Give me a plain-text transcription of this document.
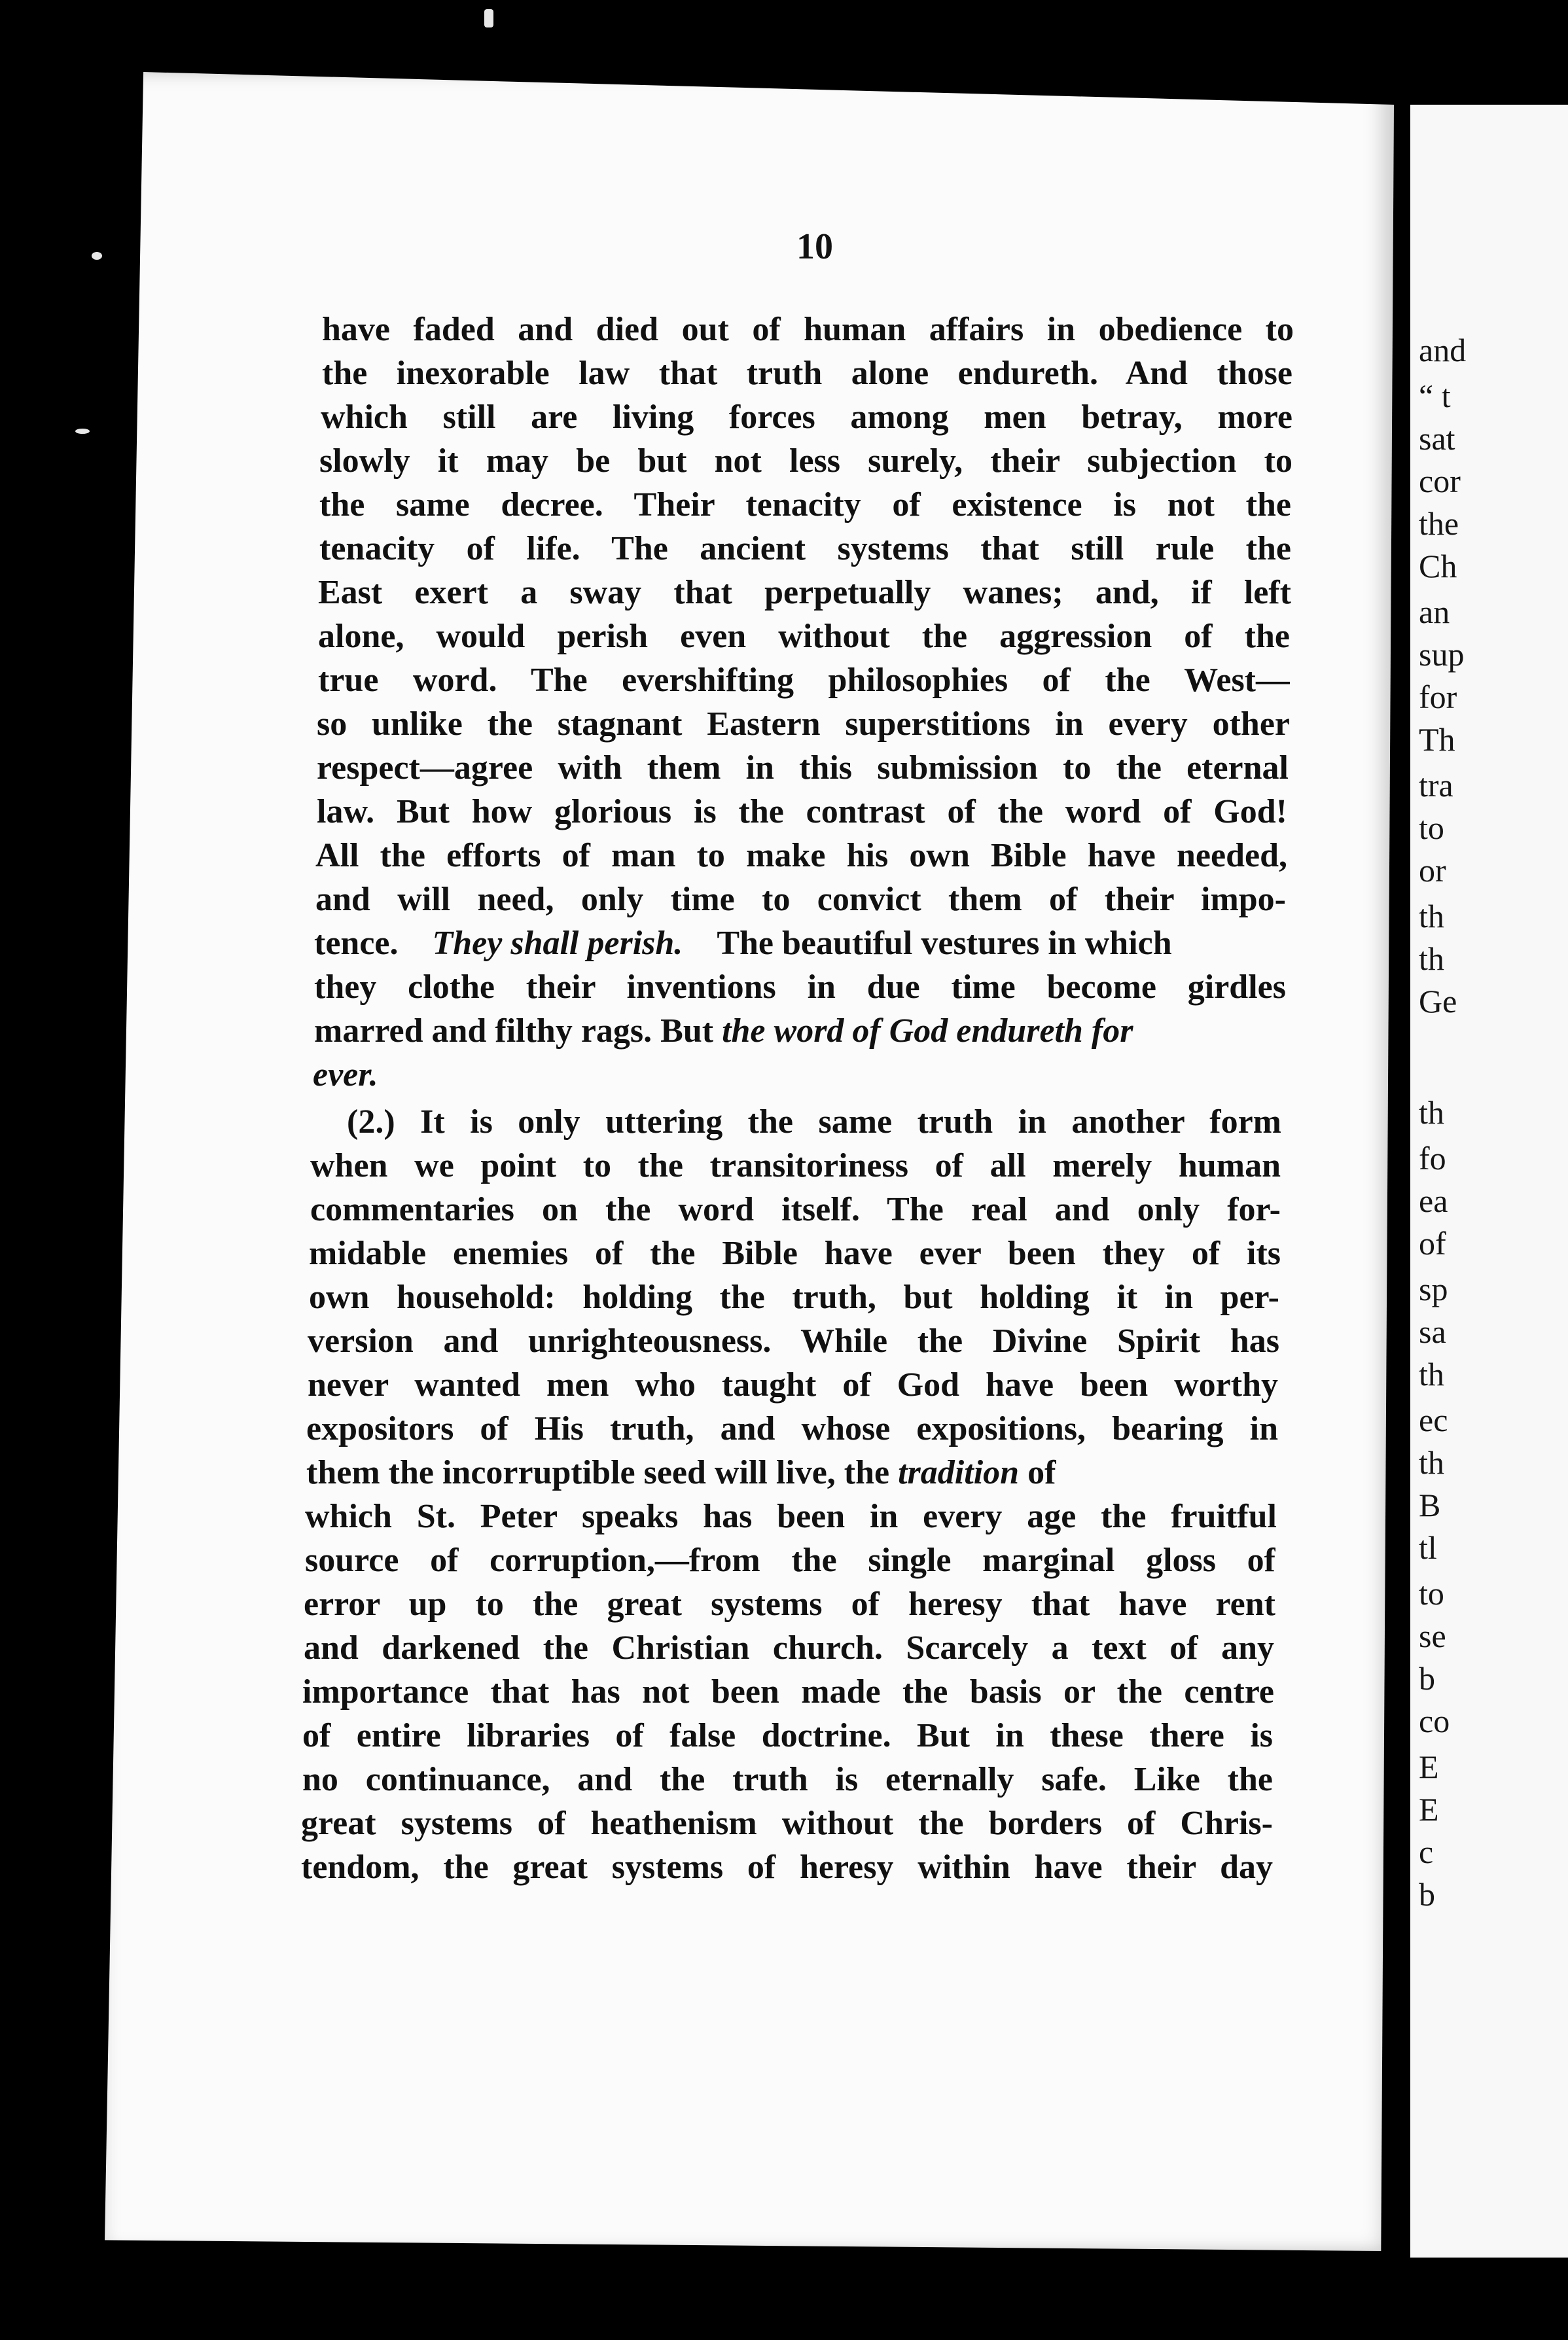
and
“ t
sat
cor
the
Ch
an
sup
for
Th
tra
to
or
th
th
Ge
th
fo
ea
of
sp
sa
th
ec
th
B
tl
to
se
b
co
E
E
c
b
10
have faded and died out of human affairs in obedience to
the inexorable law that truth alone endureth. And those
which still are living forces among men betray, more
slowly it may be but not less surely, their subjection to
the same decree. Their tenacity of existence is not the
tenacity of life. The ancient systems that still rule the
East exert a sway that perpetually wanes; and, if left
alone, would perish even without the aggression of the
true word. The evershifting philosophies of the West—
so unlike the stagnant Eastern superstitions in every other
respect—agree with them in this submission to the eternal
law. But how glorious is the contrast of the word of God!
All the efforts of man to make his own Bible have needed,
and will need, only time to convict them of their impo-
tence. They shall perish. The beautiful vestures in which
they clothe their inventions in due time become girdles
marred and filthy rags. But the word of God endureth for
ever.
(2.) It is only uttering the same truth in another form
when we point to the transitoriness of all merely human
commentaries on the word itself. The real and only for-
midable enemies of the Bible have ever been they of its
own household: holding the truth, but holding it in per-
version and unrighteousness. While the Divine Spirit has
never wanted men who taught of God have been worthy
expositors of His truth, and whose expositions, bearing in
them the incorruptible seed will live, the tradition of
which St. Peter speaks has been in every age the fruitful
source of corruption,—from the single marginal gloss of
error up to the great systems of heresy that have rent
and darkened the Christian church. Scarcely a text of any
importance that has not been made the basis or the centre
of entire libraries of false doctrine. But in these there is
no continuance, and the truth is eternally safe. Like the
great systems of heathenism without the borders of Chris-
tendom, the great systems of heresy within have their day
